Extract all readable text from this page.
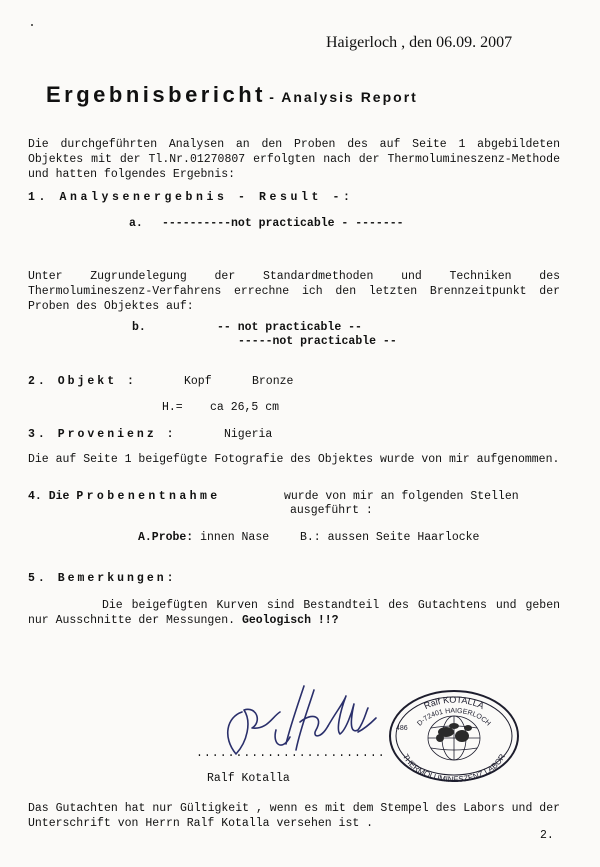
Haigerloch , den 06.09. 2007
Ergebnisbericht - Analysis Report
Die durchgeführten Analysen an den Proben des auf Seite 1 abgebildeten Objektes mit der Tl.Nr.01270807 erfolgten nach der Thermolumineszenz-Methode und hatten folgendes Ergebnis:
1. Analysenergebnis - Result -:
a. ----------not practicable - -------
Unter Zugrundelegung der Standardmethoden und Techniken des Thermolumineszenz-Verfahrens errechne ich den letzten Brennzeitpunkt der Proben des Objektes auf:
b.	-- not practicable --
-----not practicable --
2. Objekt :	Kopf	Bronze
H.= ca 26,5 cm
3. Provenienz :	Nigeria
Die auf Seite 1 beigefügte Fotografie des Objektes wurde von mir aufgenommen.
4. Die Probenentnahme	wurde von mir an folgenden Stellen
ausgeführt :
A.Probe: innen Nase	B.: aussen Seite Haarlocke
5. Bemerkungen:
Die beigefügten Kurven sind Bestandteil des Gutachtens und geben nur Ausschnitte der Messungen. Geologisch !!?
Ralf Kotalla
Ralf KOTALLA
D-72401 HAIGERLOCH
486
THERMOLUMINESZENZ LABOR
........................
Ralf Kotalla
Das Gutachten hat nur Gültigkeit , wenn es mit dem Stempel des Labors und der Unterschrift von Herrn Ralf Kotalla versehen ist .
2.
